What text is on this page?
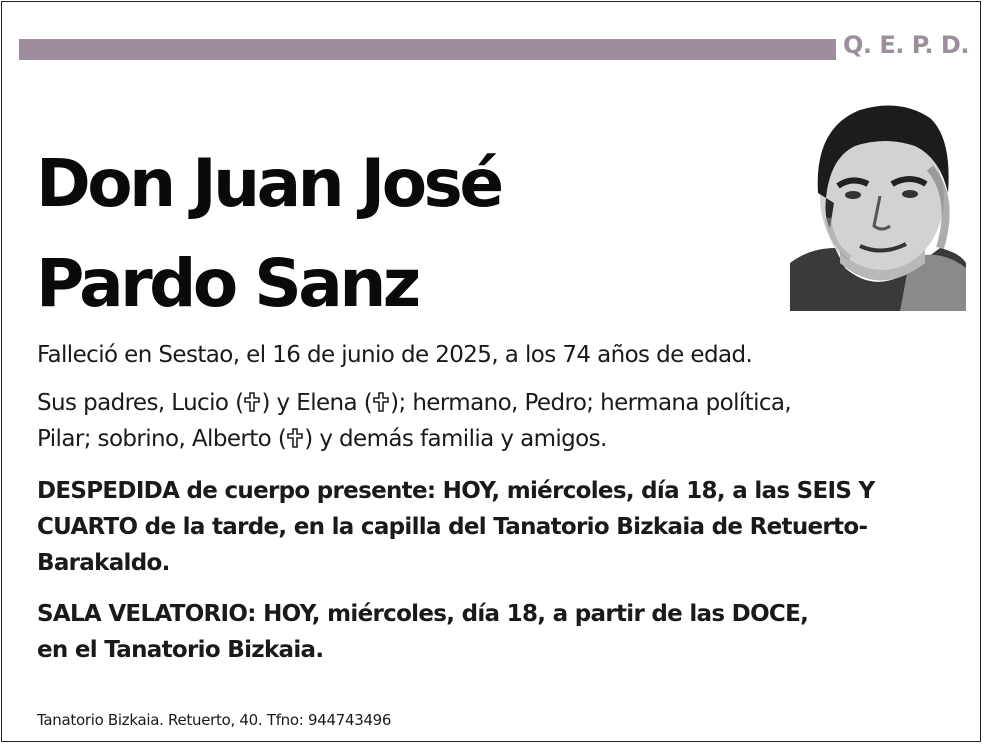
Q. E. P. D.
Don Juan José
Pardo Sanz
Falleció en Sestao, el 16 de junio de 2025, a los 74 años de edad.
Sus padres, Lucio ( ) y Elena ( ); hermano, Pedro; hermana política,
Pilar; sobrino, Alberto ( ) y demás familia y amigos.
DESPEDIDA de cuerpo presente: HOY, miércoles, día 18, a las SEIS Y CUARTO de la tarde, en la capilla del Tanatorio Bizkaia de Retuerto-Barakaldo.
SALA VELATORIO: HOY, miércoles, día 18, a partir de las DOCE,
en el Tanatorio Bizkaia.
Tanatorio Bizkaia. Retuerto, 40. Tfno: 944743496
